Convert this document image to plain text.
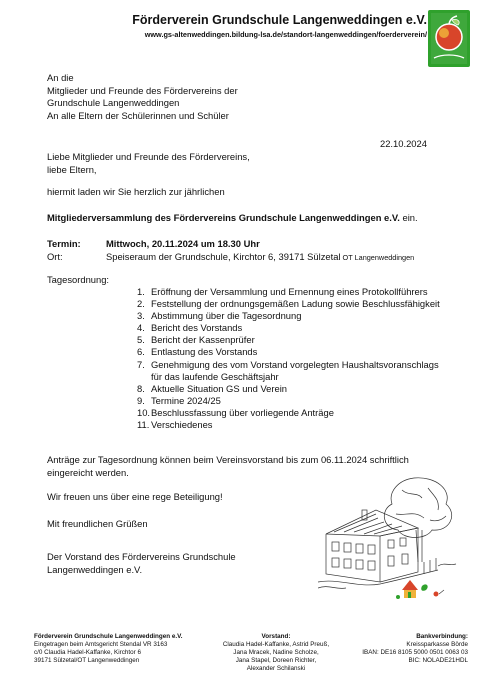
Förderverein Grundschule Langenweddingen e.V.
www.gs-altenweddingen.bildung-lsa.de/standort-langenweddingen/foerderverein/
An die
Mitglieder und Freunde des Fördervereins der
Grundschule Langenweddingen
An alle Eltern der Schülerinnen und Schüler
22.10.2024
Liebe Mitglieder und Freunde des Fördervereins,
liebe Eltern,
hiermit laden wir Sie herzlich zur jährlichen
Mitgliederversammlung des Fördervereins Grundschule Langenweddingen e.V. ein.
Termin:	Mittwoch, 20.11.2024 um 18.30 Uhr
Ort:	Speiseraum der Grundschule, Kirchtor 6, 39171 Sülzetal OT Langenweddingen
Tagesordnung:
1. Eröffnung der Versammlung und Ernennung eines Protokollführers
2. Feststellung der ordnungsgemäßen Ladung sowie Beschlussfähigkeit
3. Abstimmung über die Tagesordnung
4. Bericht des Vorstands
5. Bericht der Kassenprüfer
6. Entlastung des Vorstands
7. Genehmigung des vom Vorstand vorgelegten Haushaltsvoranschlags
für das laufende Geschäftsjahr
8. Aktuelle Situation GS und Verein
9. Termine 2024/25
10. Beschlussfassung über vorliegende Anträge
11. Verschiedenes
Anträge zur Tagesordnung können beim Vereinsvorstand bis zum 06.11.2024 schriftlich
eingereicht werden.
Wir freuen uns über eine rege Beteiligung!
Mit freundlichen Grüßen
Der Vorstand des Fördervereins Grundschule
Langenweddingen e.V.
Förderverein Grundschule Langenweddingen e.V.
Eingetragen beim Amtsgericht Stendal VR 3163
c/0 Claudia Hadel-Kaffanke, Kirchtor 6
39171 Sülzetal/OT Langenweddingen
Vorstand:
Claudia Hadel-Kaffanke, Astrid Preuß,
Jana Mracek, Nadine Scholze,
Jana Stapel, Doreen Richter,
Alexander Schilanski
Bankverbindung:
Kreissparkasse Börde
IBAN: DE16 8105 5000 0501 0063 03
BIC: NOLADE21HDL
